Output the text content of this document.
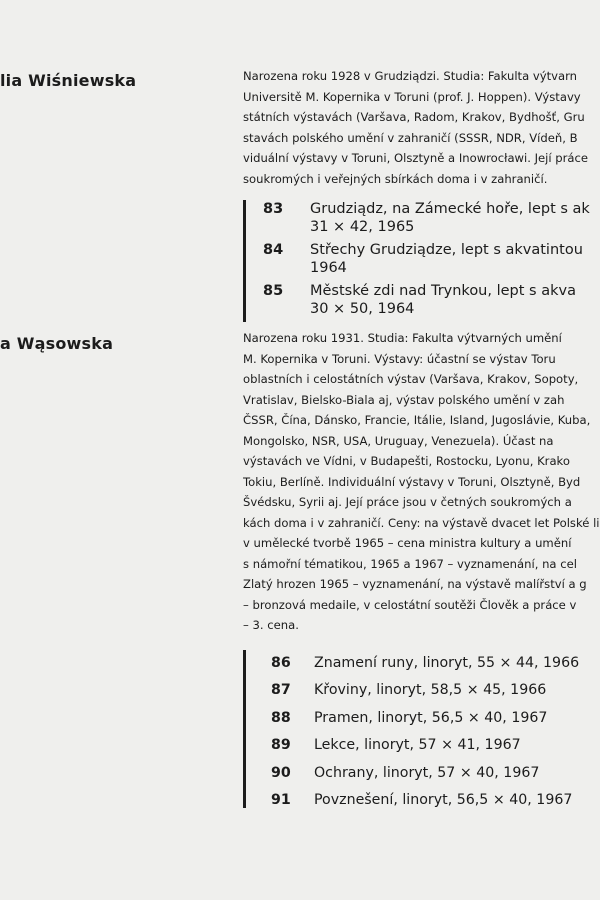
lia Wiśniewska	Narozena roku 1928 v Grudziądzi. Studia: Fakulta výtvarn
Universitě M. Kopernika v Toruni (prof. J. Hoppen). Výstavy
státních výstavách (Varšava, Radom, Krakov, Bydhošť, Gru
stavách polského umění v zahraničí (SSSR, NDR, Vídeň, B
viduální výstavy v Toruni, Olsztyně a Inowrocławi. Její práce
soukromých i veřejných sbírkách doma i v zahraničí.
83 Grudziądz, na Zámecké hoře, lept s ak
31 × 42, 1965
84 Střechy Grudziądze, lept s akvatintou
1964
85 Městské zdi nad Trynkou, lept s akva
30 × 50, 1964
a Wąsowska	Narozena roku 1931. Studia: Fakulta výtvarných umění
M. Kopernika v Toruni. Výstavy: účastní se výstav Toru
oblastních i celostátních výstav (Varšava, Krakov, Sopoty,
Vratislav, Bielsko-Biala aj, výstav polského umění v zah
ČSSR, Čína, Dánsko, Francie, Itálie, Island, Jugoslávie, Kuba,
Mongolsko, NSR, USA, Uruguay, Venezuela). Účast na
výstavách ve Vídni, v Budapešti, Rostocku, Lyonu, Krako
Tokiu, Berlíně. Individuální výstavy v Toruni, Olsztyně, Byd
Švédsku, Syrii aj. Její práce jsou v četných soukromých a
kách doma i v zahraničí. Ceny: na výstavě dvacet let Polské li
v umělecké tvorbě 1965 – cena ministra kultury a umění
s námořní tématikou, 1965 a 1967 – vyznamenání, na cel
Zlatý hrozen 1965 – vyznamenání, na výstavě malířství a g
– bronzová medaile, v celostátní soutěži Člověk a práce v
– 3. cena.
86 Znamení runy, linoryt, 55 × 44, 1966
87 Křoviny, linoryt, 58,5 × 45, 1966
88 Pramen, linoryt, 56,5 × 40, 1967
89 Lekce, linoryt, 57 × 41, 1967
90 Ochrany, linoryt, 57 × 40, 1967
91 Povznešení, linoryt, 56,5 × 40, 1967
